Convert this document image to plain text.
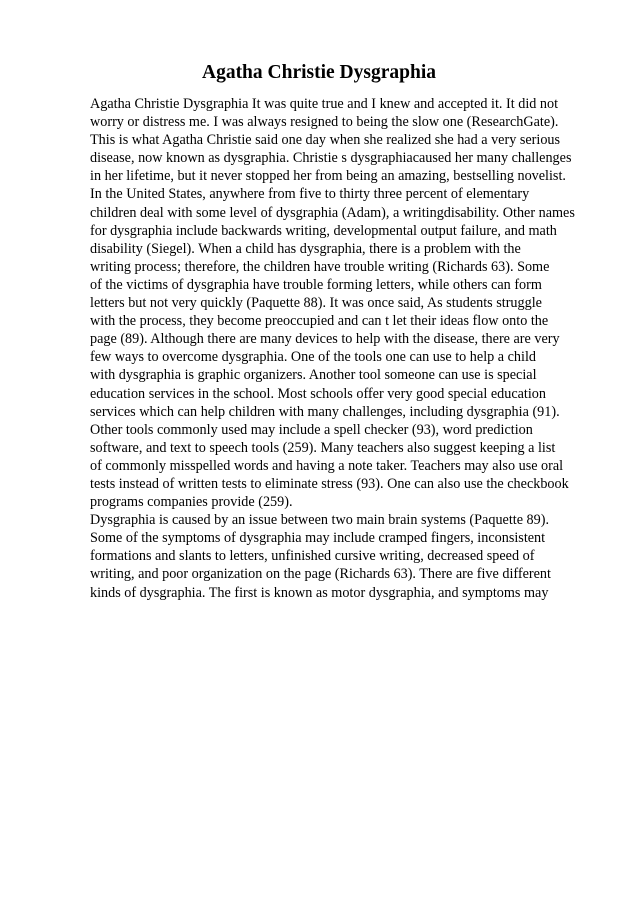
Agatha Christie Dysgraphia
Agatha Christie Dysgraphia It was quite true and I knew and accepted it. It did not
worry or distress me. I was always resigned to being the slow one (ResearchGate).
This is what Agatha Christie said one day when she realized she had a very serious
disease, now known as dysgraphia. Christie s dysgraphiacaused her many challenges
in her lifetime, but it never stopped her from being an amazing, bestselling novelist.
In the United States, anywhere from five to thirty three percent of elementary
children deal with some level of dysgraphia (Adam), a writingdisability. Other names
for dysgraphia include backwards writing, developmental output failure, and math
disability (Siegel). When a child has dysgraphia, there is a problem with the
writing process; therefore, the children have trouble writing (Richards 63). Some
of the victims of dysgraphia have trouble forming letters, while others can form
letters but not very quickly (Paquette 88). It was once said, As students struggle
with the process, they become preoccupied and can t let their ideas flow onto the
page (89). Although there are many devices to help with the disease, there are very
few ways to overcome dysgraphia. One of the tools one can use to help a child
with dysgraphia is graphic organizers. Another tool someone can use is special
education services in the school. Most schools offer very good special education
services which can help children with many challenges, including dysgraphia (91).
Other tools commonly used may include a spell checker (93), word prediction
software, and text to speech tools (259). Many teachers also suggest keeping a list
of commonly misspelled words and having a note taker. Teachers may also use oral
tests instead of written tests to eliminate stress (93). One can also use the checkbook
programs companies provide (259).
Dysgraphia is caused by an issue between two main brain systems (Paquette 89).
Some of the symptoms of dysgraphia may include cramped fingers, inconsistent
formations and slants to letters, unfinished cursive writing, decreased speed of
writing, and poor organization on the page (Richards 63). There are five different
kinds of dysgraphia. The first is known as motor dysgraphia, and symptoms may
